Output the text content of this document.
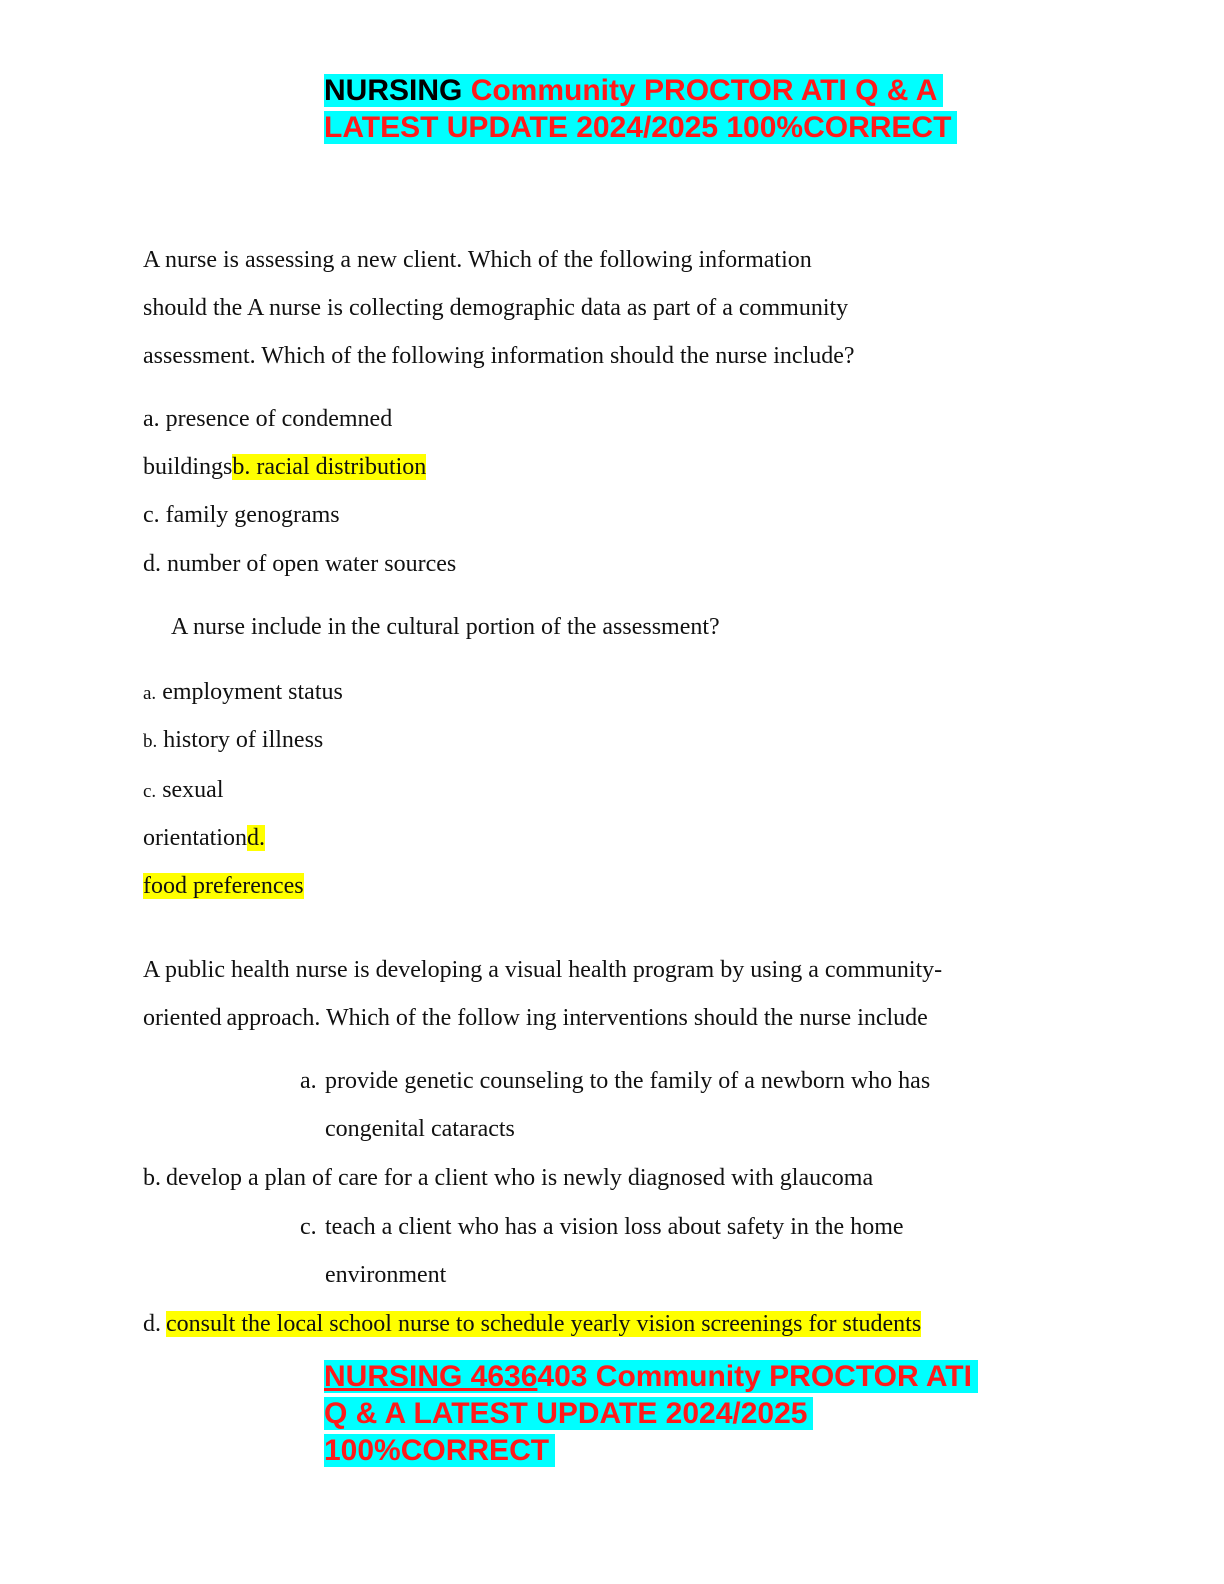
NURSING Community PROCTOR ATI Q & A
LATEST UPDATE 2024/2025 100%CORRECT
A nurse is assessing a new client. Which of the following information
should the A nurse is collecting demographic data as part of a community
assessment. Which of the following information should the nurse include?
a. presence of condemned
buildingsb. racial distribution
c. family genograms
d. number of open water sources
A nurse include in the cultural portion of the assessment?
a. employment status
b. history of illness
c. sexual
orientationd.
food preferences
A public health nurse is developing a visual health program by using a community-
oriented approach. Which of the follow ing interventions should the nurse include
a. provide genetic counseling to the family of a newborn who has
congenital cataracts
b. develop a plan of care for a client who is newly diagnosed with glaucoma
c. teach a client who has a vision loss about safety in the home
environment
d. consult the local school nurse to schedule yearly vision screenings for students
NURSING 4636403 Community PROCTOR ATI
Q & A LATEST UPDATE 2024/2025
100%CORRECT
